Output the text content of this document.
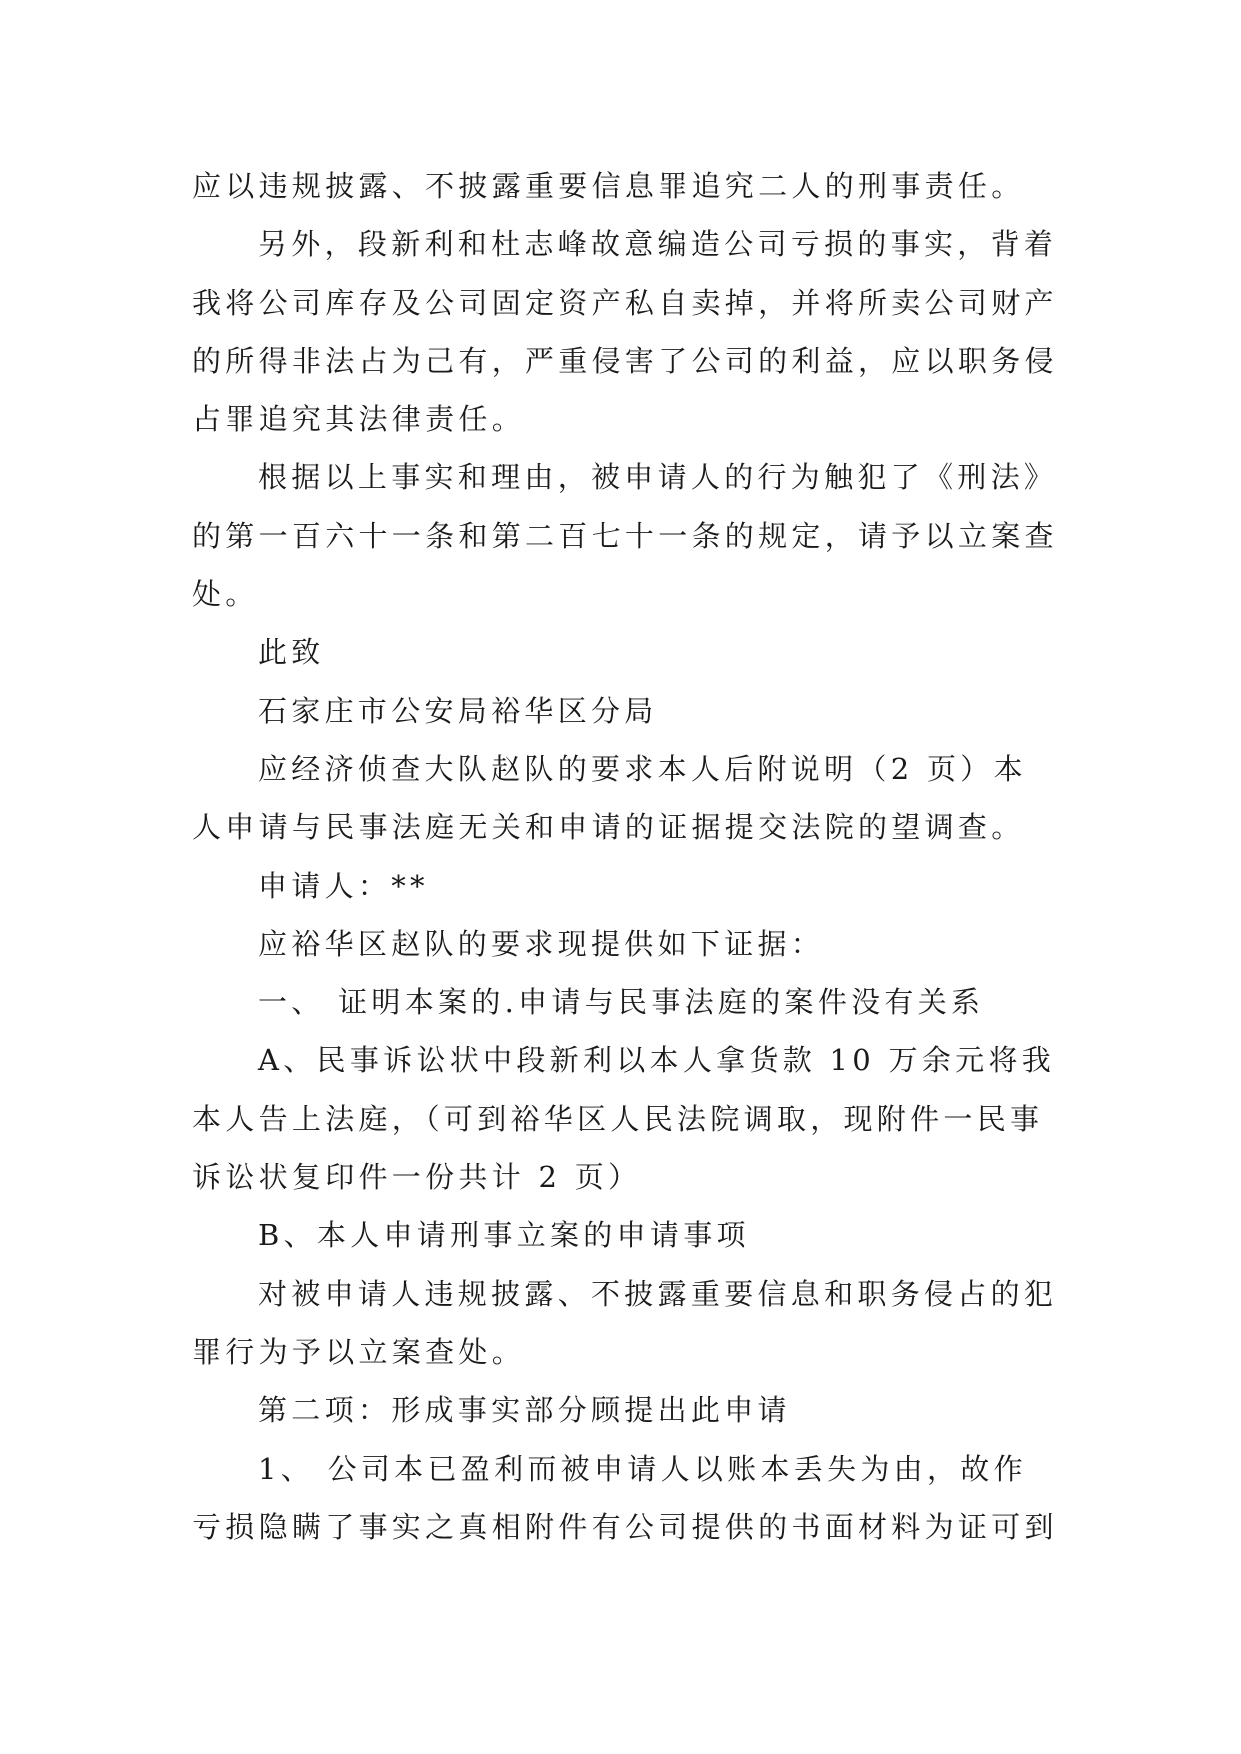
应以违规披露、不披露重要信息罪追究二人的刑事责任。

另外，段新利和杜志峰故意编造公司亏损的事实，背着我将公司库存及公司固定资产私自卖掉，并将所卖公司财产的所得非法占为己有，严重侵害了公司的利益，应以职务侵占罪追究其法律责任。

根据以上事实和理由，被申请人的行为触犯了《刑法》的第一百六十一条和第二百七十一条的规定，请予以立案查处。

此致

石家庄市公安局裕华区分局

应经济侦查大队赵队的要求本人后附说明（2 页）本人申请与民事法庭无关和申请的证据提交法院的望调查。

申请人：**

应裕华区赵队的要求现提供如下证据：

一、 证明本案的.申请与民事法庭的案件没有关系

A、民事诉讼状中段新利以本人拿货款 10 万余元将我本人告上法庭，（可到裕华区人民法院调取，现附件一民事诉讼状复印件一份共计 2 页）

B、本人申请刑事立案的申请事项

对被申请人违规披露、不披露重要信息和职务侵占的犯罪行为予以立案查处。

第二项：形成事实部分顾提出此申请

1、 公司本已盈利而被申请人以账本丢失为由，故作亏损隐瞒了事实之真相附件有公司提供的书面材料为证可到
